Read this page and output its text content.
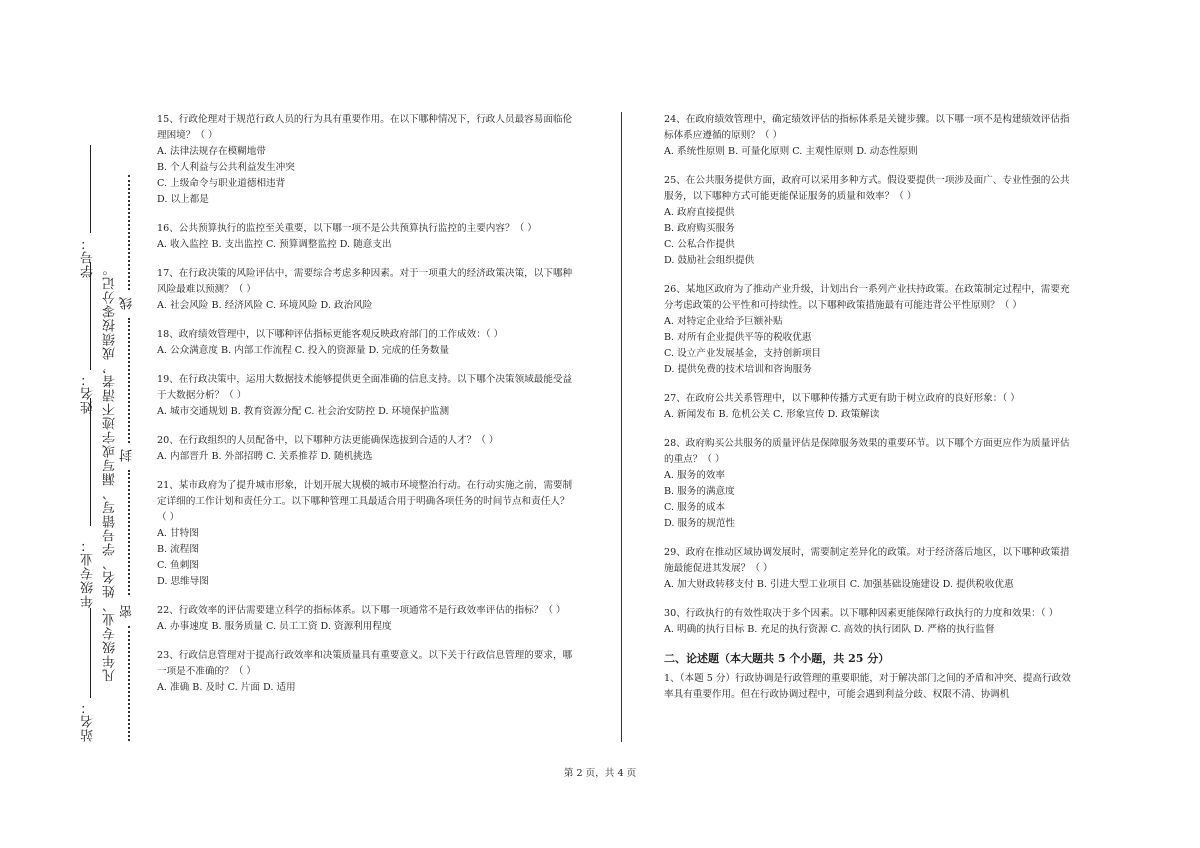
站名：
年级专业：
姓名：
学号：
凡年级专业、姓名、学号错写、漏写或字迹不清者，成绩按零分记。 线
封
密

15、行政伦理对于规范行政人员的行为具有重要作用。在以下哪种情况下，行政人员最容易面临伦理困境？（ ）

A. 法律法规存在模糊地带

B. 个人利益与公共利益发生冲突

C. 上级命令与职业道德相违背

D. 以上都是

16、公共预算执行的监控至关重要，以下哪一项不是公共预算执行监控的主要内容？（ ）

A. 收入监控 B. 支出监控 C. 预算调整监控 D. 随意支出

17、在行政决策的风险评估中，需要综合考虑多种因素。对于一项重大的经济政策决策，以下哪种风险最难以预测？（ ）

A. 社会风险 B. 经济风险 C. 环境风险 D. 政治风险

18、政府绩效管理中，以下哪种评估指标更能客观反映政府部门的工作成效：（ ）

A. 公众满意度 B. 内部工作流程 C. 投入的资源量 D. 完成的任务数量

19、在行政决策中，运用大数据技术能够提供更全面准确的信息支持。以下哪个决策领域最能受益于大数据分析？（ ）

A. 城市交通规划 B. 教育资源分配 C. 社会治安防控 D. 环境保护监测

20、在行政组织的人员配备中，以下哪种方法更能确保选拔到合适的人才？（ ）

A. 内部晋升 B. 外部招聘 C. 关系推荐 D. 随机挑选

21、某市政府为了提升城市形象，计划开展大规模的城市环境整治行动。在行动实施之前，需要制定详细的工作计划和责任分工。以下哪种管理工具最适合用于明确各项任务的时间节点和责任人？（ ）

A. 甘特图

B. 流程图

C. 鱼刺图

D. 思维导图

22、行政效率的评估需要建立科学的指标体系。以下哪一项通常不是行政效率评估的指标？（ ）

A. 办事速度 B. 服务质量 C. 员工工资 D. 资源利用程度

23、行政信息管理对于提高行政效率和决策质量具有重要意义。以下关于行政信息管理的要求，哪一项是不准确的？（ ）

A. 准确 B. 及时 C. 片面 D. 适用

24、在政府绩效管理中，确定绩效评估的指标体系是关键步骤。以下哪一项不是构建绩效评估指标体系应遵循的原则？（ ）

A. 系统性原则 B. 可量化原则 C. 主观性原则 D. 动态性原则

25、在公共服务提供方面，政府可以采用多种方式。假设要提供一项涉及面广、专业性强的公共服务，以下哪种方式可能更能保证服务的质量和效率？（ ）

A. 政府直接提供

B. 政府购买服务

C. 公私合作提供

D. 鼓励社会组织提供

26、某地区政府为了推动产业升级，计划出台一系列产业扶持政策。在政策制定过程中，需要充分考虑政策的公平性和可持续性。以下哪种政策措施最有可能违背公平性原则？（ ）

A. 对特定企业给予巨额补贴

B. 对所有企业提供平等的税收优惠

C. 设立产业发展基金，支持创新项目

D. 提供免费的技术培训和咨询服务

27、在政府公共关系管理中，以下哪种传播方式更有助于树立政府的良好形象：（ ）

A. 新闻发布 B. 危机公关 C. 形象宣传 D. 政策解读

28、政府购买公共服务的质量评估是保障服务效果的重要环节。以下哪个方面更应作为质量评估的重点？（ ）

A. 服务的效率

B. 服务的满意度

C. 服务的成本

D. 服务的规范性

29、政府在推动区域协调发展时，需要制定差异化的政策。对于经济落后地区，以下哪种政策措施最能促进其发展？（ ）

A. 加大财政转移支付 B. 引进大型工业项目 C. 加强基础设施建设 D. 提供税收优惠

30、行政执行的有效性取决于多个因素。以下哪种因素更能保障行政执行的力度和效果：（ ）

A. 明确的执行目标 B. 充足的执行资源 C. 高效的执行团队 D. 严格的执行监督

二、论述题（本大题共 5 个小题，共 25 分）

1、（本题 5 分）行政协调是行政管理的重要职能，对于解决部门之间的矛盾和冲突、提高行政效率具有重要作用。但在行政协调过程中，可能会遇到利益分歧、权限不清、协调机

第 2 页，共 4 页
